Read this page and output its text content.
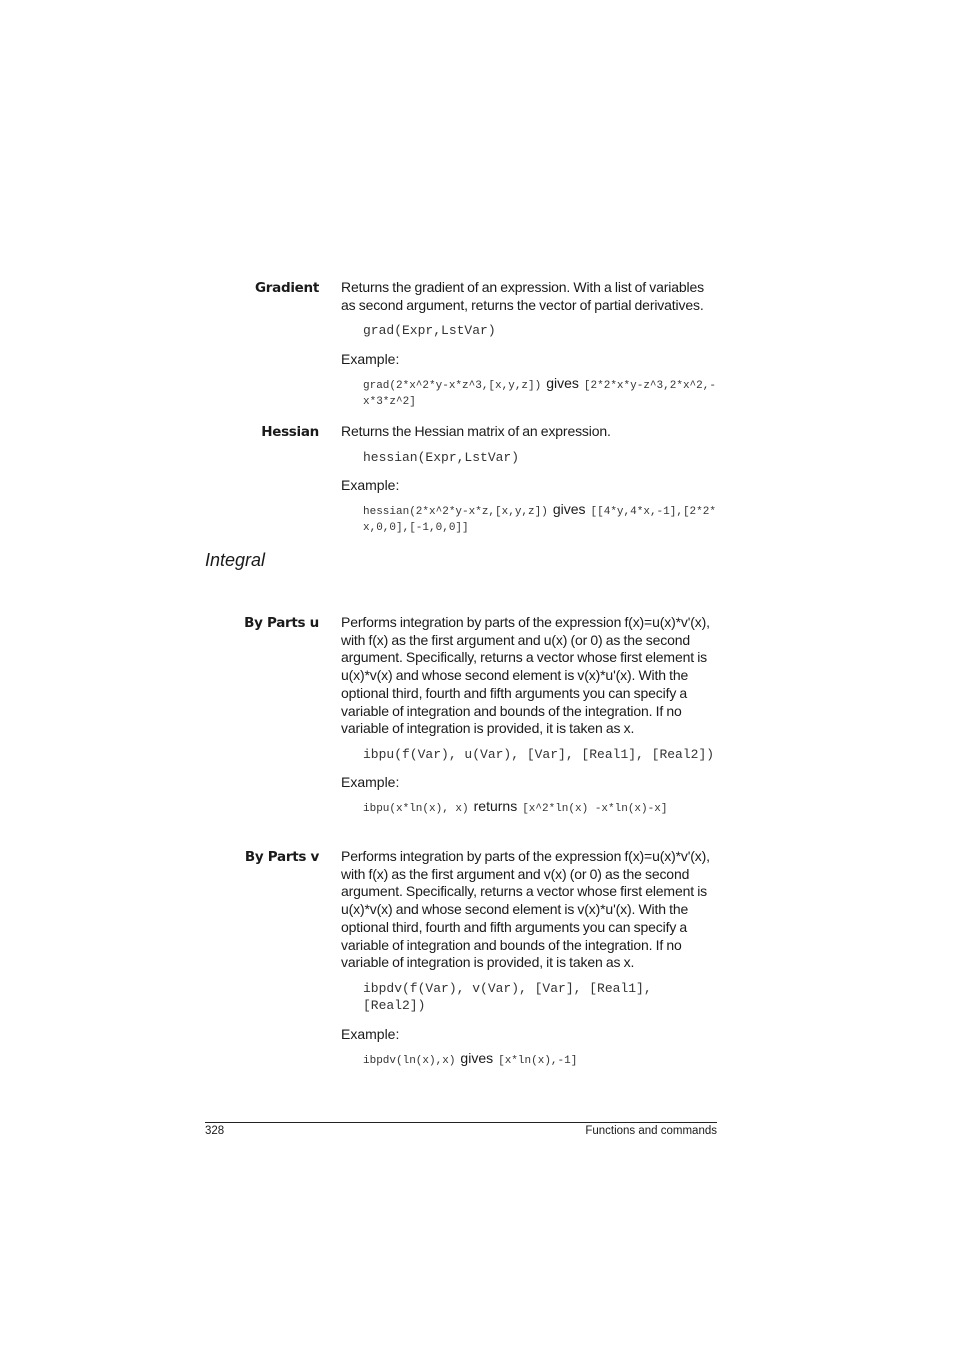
Gradient Returns the gradient of an expression. With a list of variables as second argument, returns the vector of partial derivatives.

grad(Expr,LstVar)

Example:

grad(2*x^2*y-x*z^3,[x,y,z]) gives [2*2*x*y-z^3,2*x^2,-x*3*z^2]
Hessian Returns the Hessian matrix of an expression.

hessian(Expr,LstVar)

Example:

hessian(2*x^2*y-x*z,[x,y,z]) gives [[4*y,4*x,-1],[2*2*x,0,0],[-1,0,0]]
Integral
By Parts u Performs integration by parts of the expression f(x)=u(x)*v'(x), with f(x) as the first argument and u(x) (or 0) as the second argument. Specifically, returns a vector whose first element is u(x)*v(x) and whose second element is v(x)*u'(x). With the optional third, fourth and fifth arguments you can specify a variable of integration and bounds of the integration. If no variable of integration is provided, it is taken as x.

ibpu(f(Var), u(Var), [Var], [Real1], [Real2])

Example:

ibpu(x*ln(x), x) returns [x^2*ln(x) -x*ln(x)-x]
By Parts v Performs integration by parts of the expression f(x)=u(x)*v'(x), with f(x) as the first argument and v(x) (or 0) as the second argument. Specifically, returns a vector whose first element is u(x)*v(x) and whose second element is v(x)*u'(x). With the optional third, fourth and fifth arguments you can specify a variable of integration and bounds of the integration. If no variable of integration is provided, it is taken as x.

ibpdv(f(Var), v(Var), [Var], [Real1], [Real2])

Example:

ibpdv(ln(x),x) gives [x*ln(x),-1]
328	Functions and commands
